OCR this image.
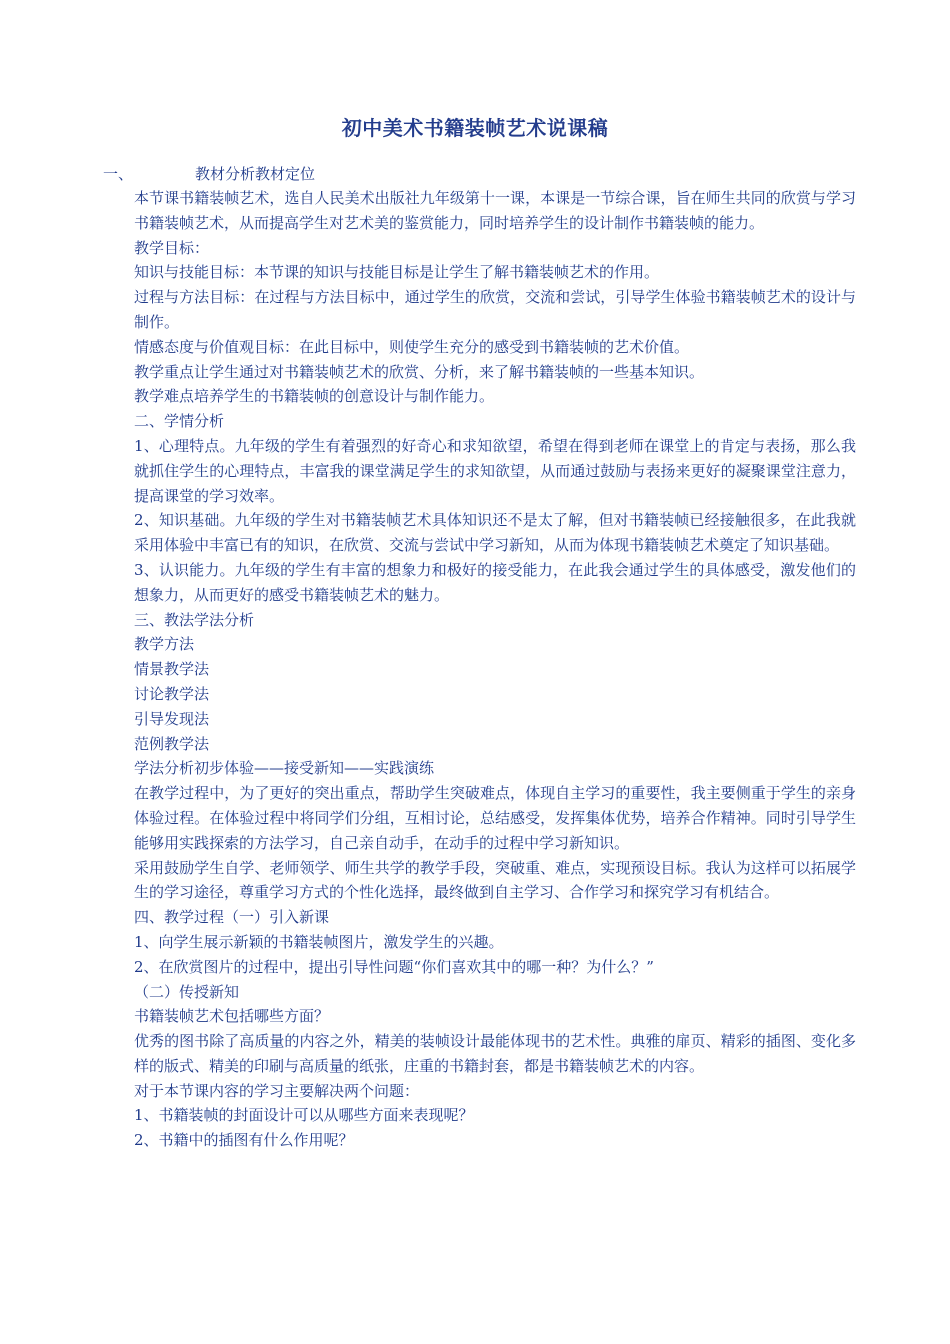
初中美术书籍装帧艺术说课稿
一、	教材分析教材定位

本节课书籍装帧艺术，选自人民美术出版社九年级第十一课，本课是一节综合课，旨在师生共同的欣赏与学习书籍装帧艺术，从而提高学生对艺术美的鉴赏能力，同时培养学生的设计制作书籍装帧的能力。

教学目标：

知识与技能目标：本节课的知识与技能目标是让学生了解书籍装帧艺术的作用。

过程与方法目标：在过程与方法目标中，通过学生的欣赏，交流和尝试，引导学生体验书籍装帧艺术的设计与制作。

情感态度与价值观目标：在此目标中，则使学生充分的感受到书籍装帧的艺术价值。

教学重点让学生通过对书籍装帧艺术的欣赏、分析，来了解书籍装帧的一些基本知识。

教学难点培养学生的书籍装帧的创意设计与制作能力。

二、学情分析

1、心理特点。九年级的学生有着强烈的好奇心和求知欲望，希望在得到老师在课堂上的肯定与表扬，那么我就抓住学生的心理特点，丰富我的课堂满足学生的求知欲望，从而通过鼓励与表扬来更好的凝聚课堂注意力，提高课堂的学习效率。

2、知识基础。九年级的学生对书籍装帧艺术具体知识还不是太了解，但对书籍装帧已经接触很多，在此我就采用体验中丰富已有的知识，在欣赏、交流与尝试中学习新知，从而为体现书籍装帧艺术奠定了知识基础。

3、认识能力。九年级的学生有丰富的想象力和极好的接受能力，在此我会通过学生的具体感受，激发他们的想象力，从而更好的感受书籍装帧艺术的魅力。

三、教法学法分析

教学方法

情景教学法

讨论教学法

引导发现法

范例教学法

学法分析初步体验——接受新知——实践演练

在教学过程中，为了更好的突出重点，帮助学生突破难点，体现自主学习的重要性，我主要侧重于学生的亲身体验过程。在体验过程中将同学们分组，互相讨论，总结感受，发挥集体优势，培养合作精神。同时引导学生能够用实践探索的方法学习，自己亲自动手，在动手的过程中学习新知识。

采用鼓励学生自学、老师领学、师生共学的教学手段，突破重、难点，实现预设目标。我认为这样可以拓展学生的学习途径，尊重学习方式的个性化选择，最终做到自主学习、合作学习和探究学习有机结合。

四、教学过程（一）引入新课

1、向学生展示新颖的书籍装帧图片，激发学生的兴趣。

2、在欣赏图片的过程中，提出引导性问题“你们喜欢其中的哪一种？为什么？”

（二）传授新知

书籍装帧艺术包括哪些方面？

优秀的图书除了高质量的内容之外，精美的装帧设计最能体现书的艺术性。典雅的扉页、精彩的插图、变化多样的版式、精美的印刷与高质量的纸张，庄重的书籍封套，都是书籍装帧艺术的内容。

对于本节课内容的学习主要解决两个问题：

1、书籍装帧的封面设计可以从哪些方面来表现呢？

2、书籍中的插图有什么作用呢？
